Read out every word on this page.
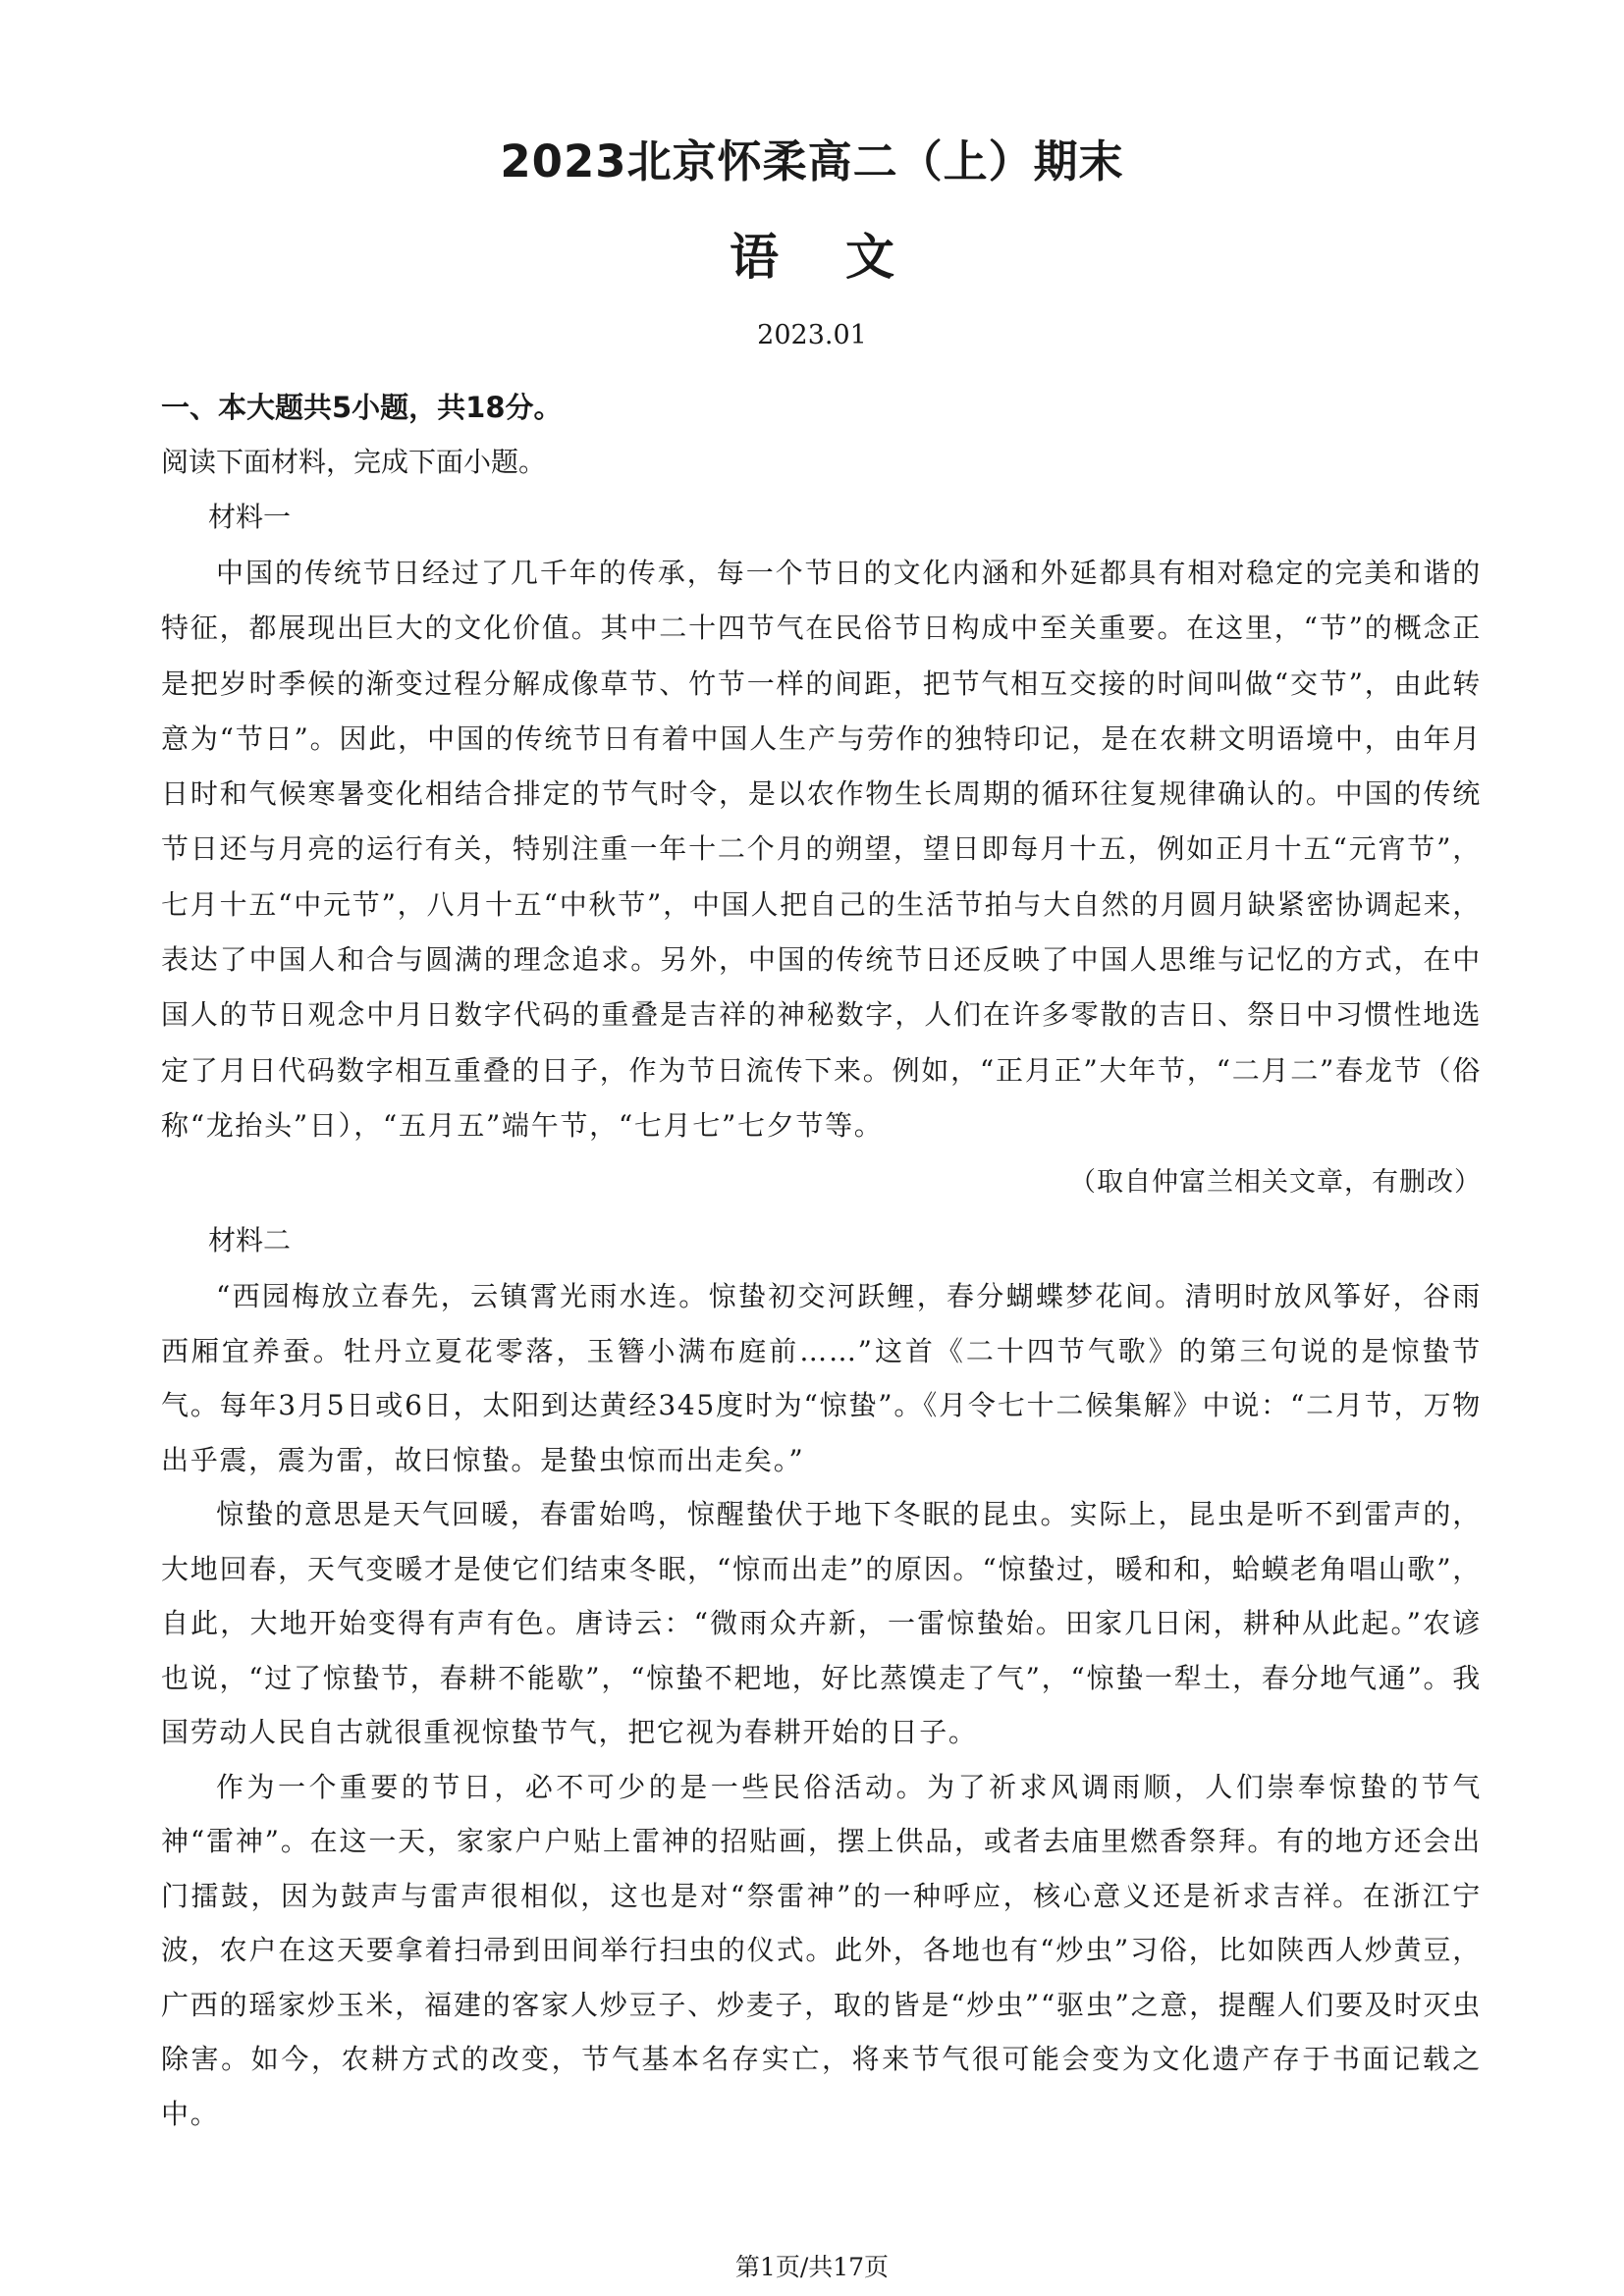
2023北京怀柔高二（上）期末
语文
2023.01

一、本大题共5小题，共18分。

阅读下面材料，完成下面小题。

材料一

中国的传统节日经过了几千年的传承，每一个节日的文化内涵和外延都具有相对稳定的完美和谐的特征，都展现出巨大的文化价值。其中二十四节气在民俗节日构成中至关重要。在这里，“节”的概念正是把岁时季候的渐变过程分解成像草节、竹节一样的间距，把节气相互交接的时间叫做“交节”，由此转意为“节日”。因此，中国的传统节日有着中国人生产与劳作的独特印记，是在农耕文明语境中，由年月日时和气候寒暑变化相结合排定的节气时令，是以农作物生长周期的循环往复规律确认的。中国的传统节日还与月亮的运行有关，特别注重一年十二个月的朔望，望日即每月十五，例如正月十五“元宵节”，七月十五“中元节”，八月十五“中秋节”，中国人把自己的生活节拍与大自然的月圆月缺紧密协调起来，表达了中国人和合与圆满的理念追求。另外，中国的传统节日还反映了中国人思维与记忆的方式，在中国人的节日观念中月日数字代码的重叠是吉祥的神秘数字，人们在许多零散的吉日、祭日中习惯性地选定了月日代码数字相互重叠的日子，作为节日流传下来。例如，“正月正”大年节，“二月二”春龙节（俗称“龙抬头”日），“五月五”端午节，“七月七”七夕节等。

（取自仲富兰相关文章，有删改）

材料二

“西园梅放立春先，云镇霄光雨水连。惊蛰初交河跃鲤，春分蝴蝶梦花间。清明时放风筝好，谷雨西厢宜养蚕。牡丹立夏花零落，玉簪小满布庭前……”这首《二十四节气歌》的第三句说的是惊蛰节气。每年3月5日或6日，太阳到达黄经345度时为“惊蛰”。《月令七十二候集解》中说：“二月节，万物出乎震，震为雷，故曰惊蛰。是蛰虫惊而出走矣。”

惊蛰的意思是天气回暖，春雷始鸣，惊醒蛰伏于地下冬眠的昆虫。实际上，昆虫是听不到雷声的，大地回春，天气变暖才是使它们结束冬眠，“惊而出走”的原因。“惊蛰过，暖和和，蛤蟆老角唱山歌”，自此，大地开始变得有声有色。唐诗云：“微雨众卉新，一雷惊蛰始。田家几日闲，耕种从此起。”农谚也说，“过了惊蛰节，春耕不能歇”，“惊蛰不耙地，好比蒸馍走了气”，“惊蛰一犁土，春分地气通”。我国劳动人民自古就很重视惊蛰节气，把它视为春耕开始的日子。

作为一个重要的节日，必不可少的是一些民俗活动。为了祈求风调雨顺，人们崇奉惊蛰的节气神“雷神”。在这一天，家家户户贴上雷神的招贴画，摆上供品，或者去庙里燃香祭拜。有的地方还会出门擂鼓，因为鼓声与雷声很相似，这也是对“祭雷神”的一种呼应，核心意义还是祈求吉祥。在浙江宁波，农户在这天要拿着扫帚到田间举行扫虫的仪式。此外，各地也有“炒虫”习俗，比如陕西人炒黄豆，广西的瑶家炒玉米，福建的客家人炒豆子、炒麦子，取的皆是“炒虫”“驱虫”之意，提醒人们要及时灭虫除害。如今，农耕方式的改变，节气基本名存实亡，将来节气很可能会变为文化遗产存于书面记载之中。

第1页/共17页
